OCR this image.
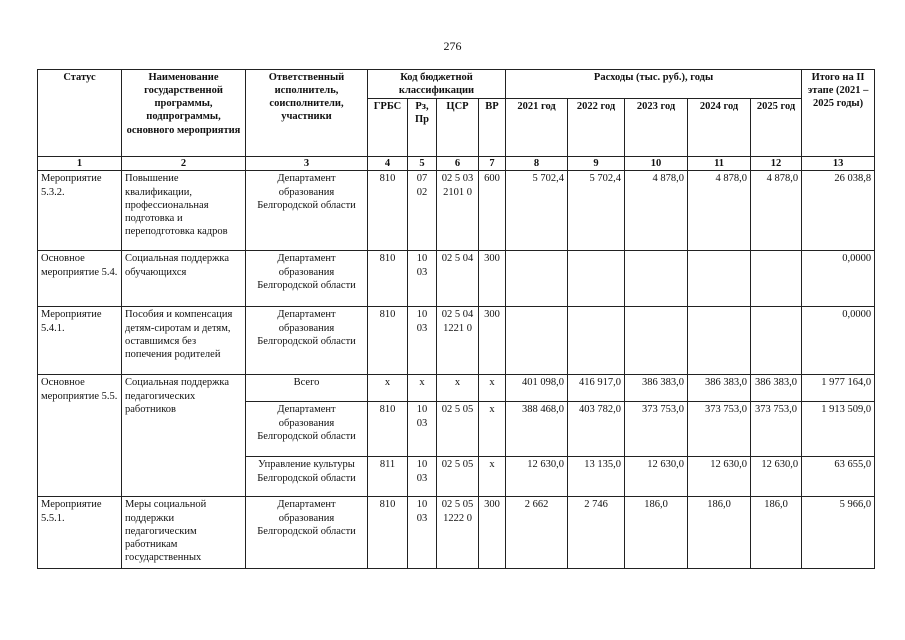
276
Статус	Наименование государственной программы, подпрограммы, основного мероприятия	Ответственный исполнитель, соисполнители, участники	Код бюджетной классификации				Расходы (тыс. руб.), годы					Итого на II этапе (2021 – 2025 годы)
			ГРБС	Рз, Пр	ЦСР	ВР	2021 год	2022 год	2023 год	2024 год	2025 год	
1	2	3	4	5	6	7	8	9	10	11	12	13
Мероприятие 5.3.2.	Повышение квалификации, профессиональная подготовка и переподготовка кадров	Департамент образования Белгородской области	810	07 02	02 5 03 2101 0	600	5 702,4	5 702,4	4 878,0	4 878,0	4 878,0	26 038,8
Основное мероприятие 5.4.	Социальная поддержка обучающихся	Департамент образования Белгородской области	810	10 03	02 5 04	300						0,0000
Мероприятие 5.4.1.	Пособия и компенсация детям-сиротам и детям, оставшимся без попечения родителей	Департамент образования Белгородской области	810	10 03	02 5 04 1221 0	300						0,0000
Основное мероприятие 5.5.	Социальная поддержка педагогических работников	Всего	х	х	х	х	401 098,0	416 917,0	386 383,0	386 383,0	386 383,0	1 977 164,0
		Департамент образования Белгородской области	810	10 03	02 5 05	х	388 468,0	403 782,0	373 753,0	373 753,0	373 753,0	1 913 509,0
		Управление культуры Белгородской области	811	10 03	02 5 05	х	12 630,0	13 135,0	12 630,0	12 630,0	12 630,0	63 655,0
Мероприятие 5.5.1.	Меры социальной поддержки педагогическим работникам государственных	Департамент образования Белгородской области	810	10 03	02 5 05 1222 0	300	2 662	2 746	186,0	186,0	186,0	5 966,0
